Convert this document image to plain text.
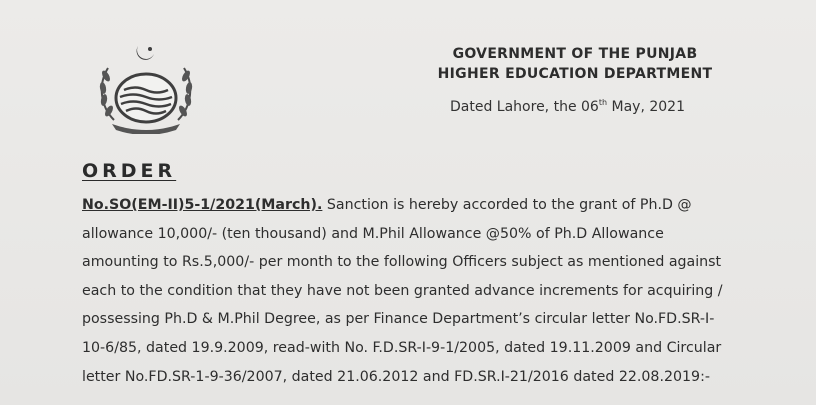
GOVERNMENT OF THE PUNJAB
HIGHER EDUCATION DEPARTMENT
Dated Lahore, the 06th May, 2021
ORDER
No.SO(EM-II)5-1/2021(March). Sanction is hereby accorded to the grant of Ph.D @
allowance 10,000/- (ten thousand) and M.Phil Allowance @50% of Ph.D Allowance
amounting to Rs.5,000/- per month to the following Officers subject as mentioned against
each to the condition that they have not been granted advance increments for acquiring /
possessing Ph.D & M.Phil Degree, as per Finance Department’s circular letter No.FD.SR-I-
10-6/85, dated 19.9.2009, read-with No. F.D.SR-I-9-1/2005, dated 19.11.2009 and Circular
letter No.FD.SR-1-9-36/2007, dated 21.06.2012 and FD.SR.I-21/2016 dated 22.08.2019:-
